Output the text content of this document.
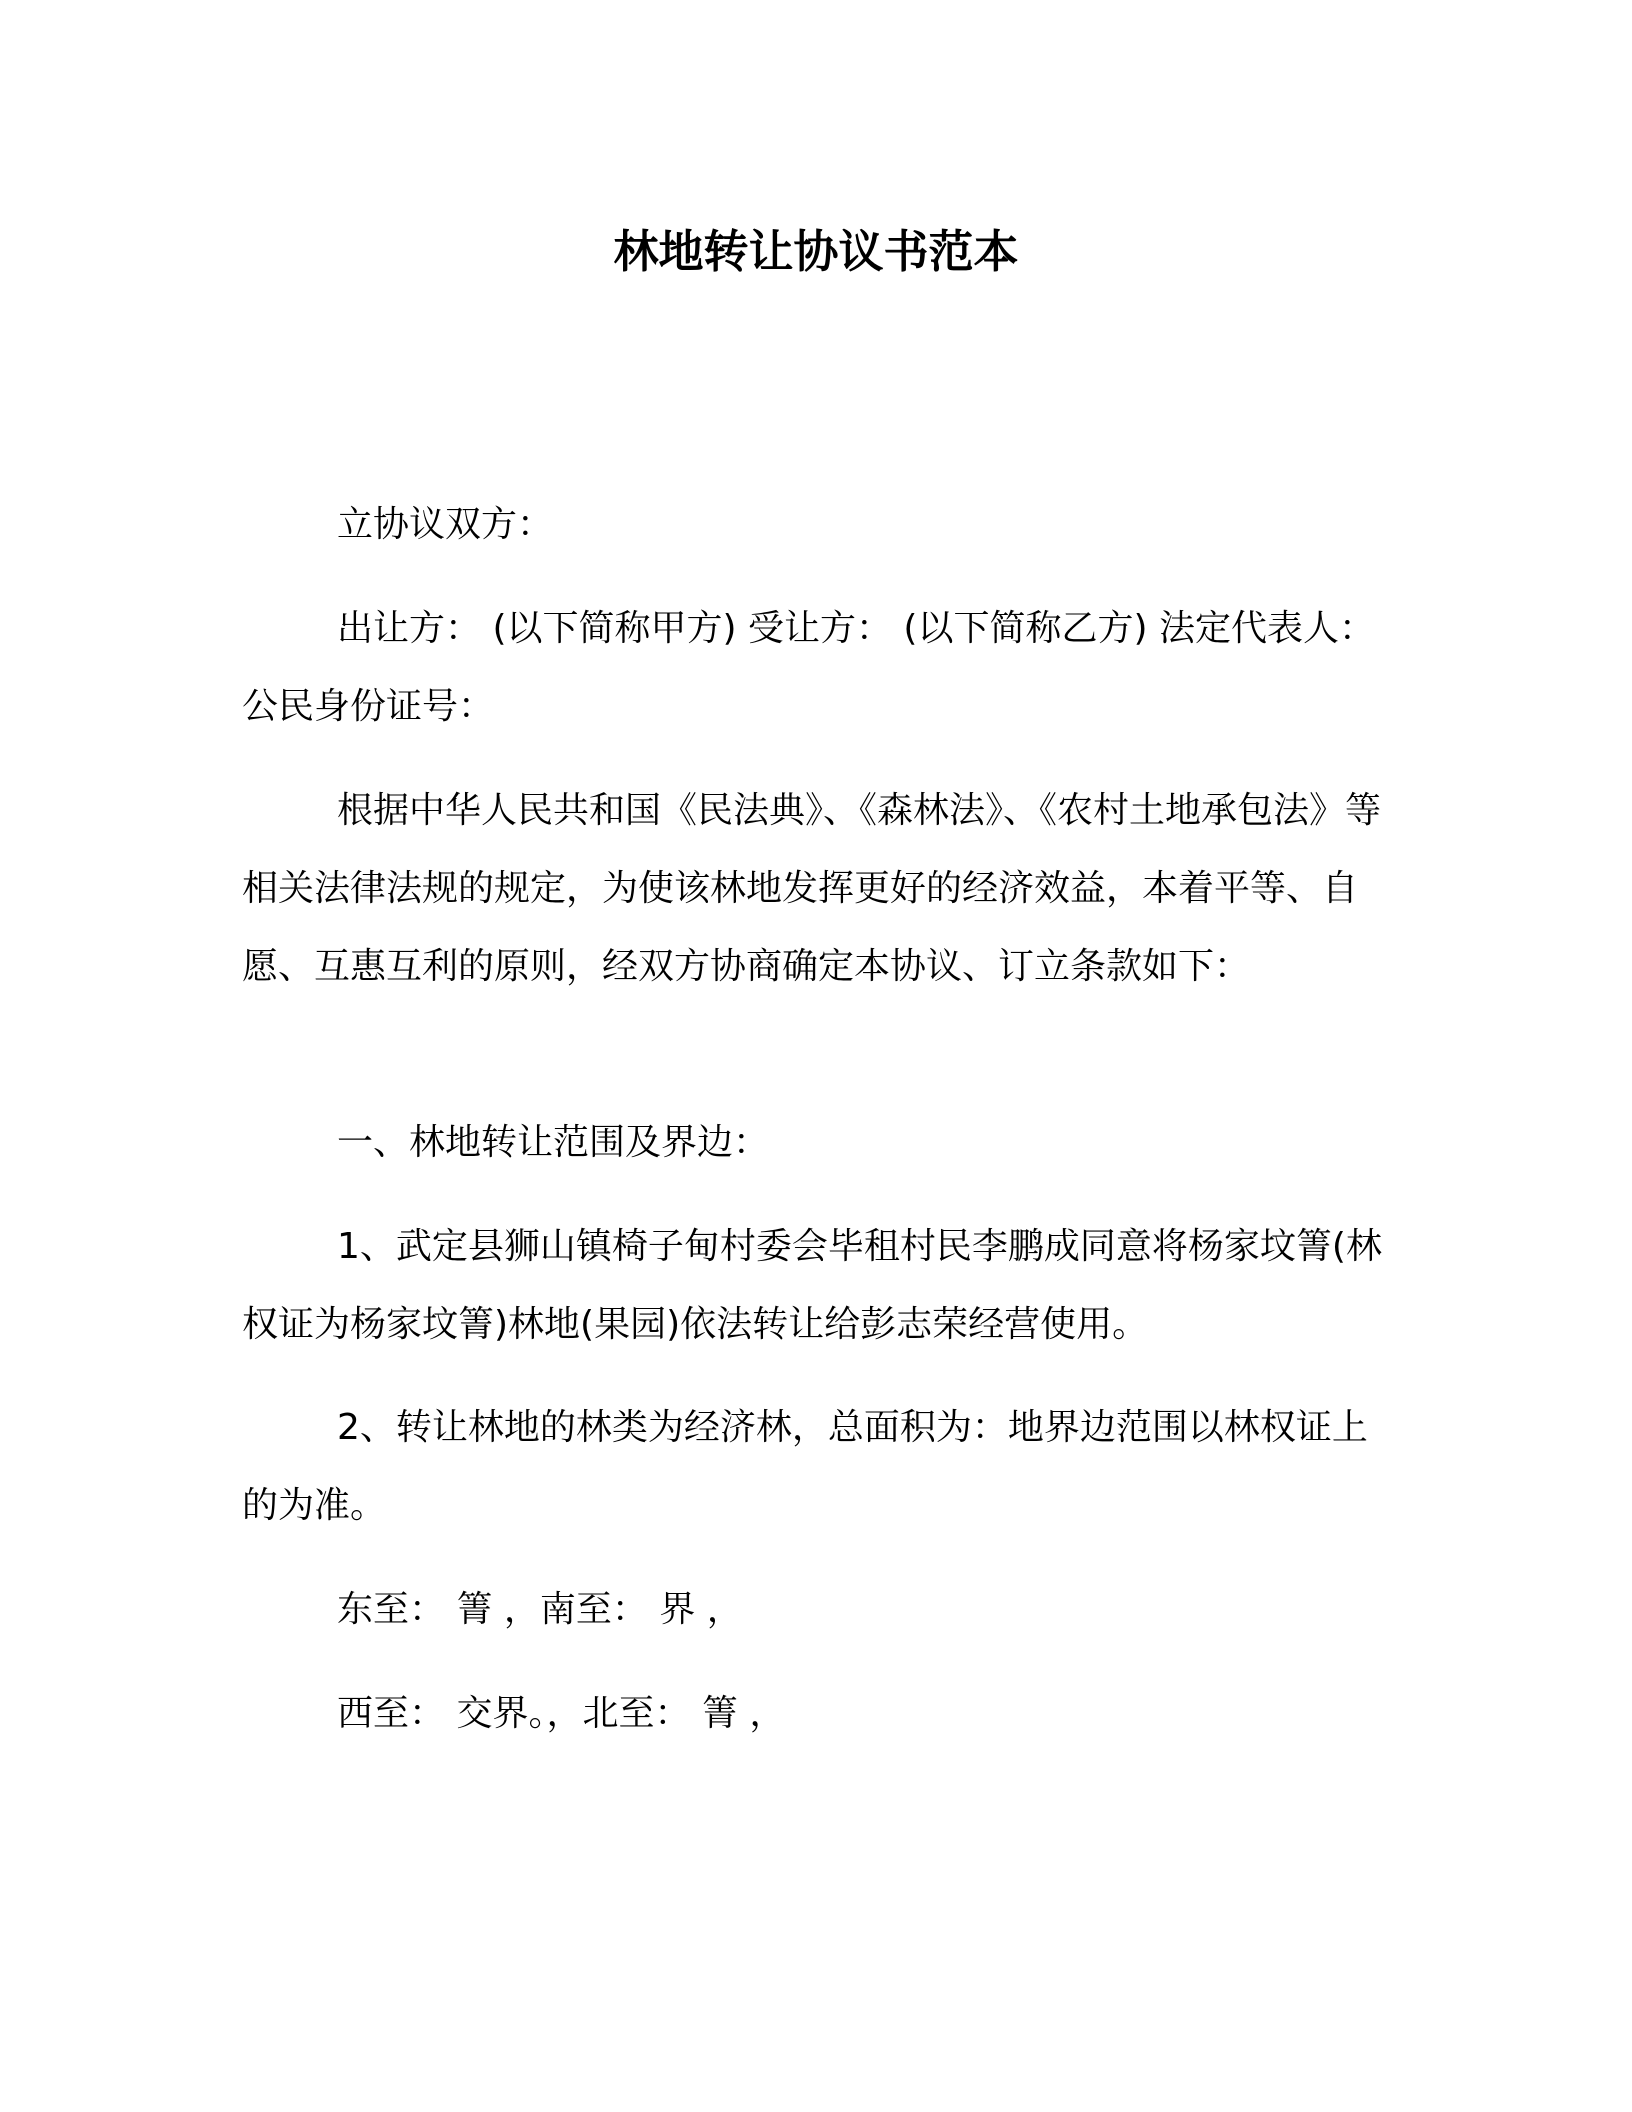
林地转让协议书范本

立协议双方：

出让方： (以下简称甲方) 受让方： (以下简称乙方) 法定代表人：公民身份证号：

根据中华人民共和国《民法典》、《森林法》、《农村土地承包法》等相关法律法规的规定，为使该林地发挥更好的经济效益，本着平等、自愿、互惠互利的原则，经双方协商确定本协议、订立条款如下：

一、林地转让范围及界边：

1、武定县狮山镇椅子甸村委会毕租村民李鹏成同意将杨家坟箐(林权证为杨家坟箐)林地(果园)依法转让给彭志荣经营使用。

2、转让林地的林类为经济林，总面积为：地界边范围以林权证上的为准。

东至： 箐 ，南至： 界 ，

西至： 交界。，北至： 箐 ，
